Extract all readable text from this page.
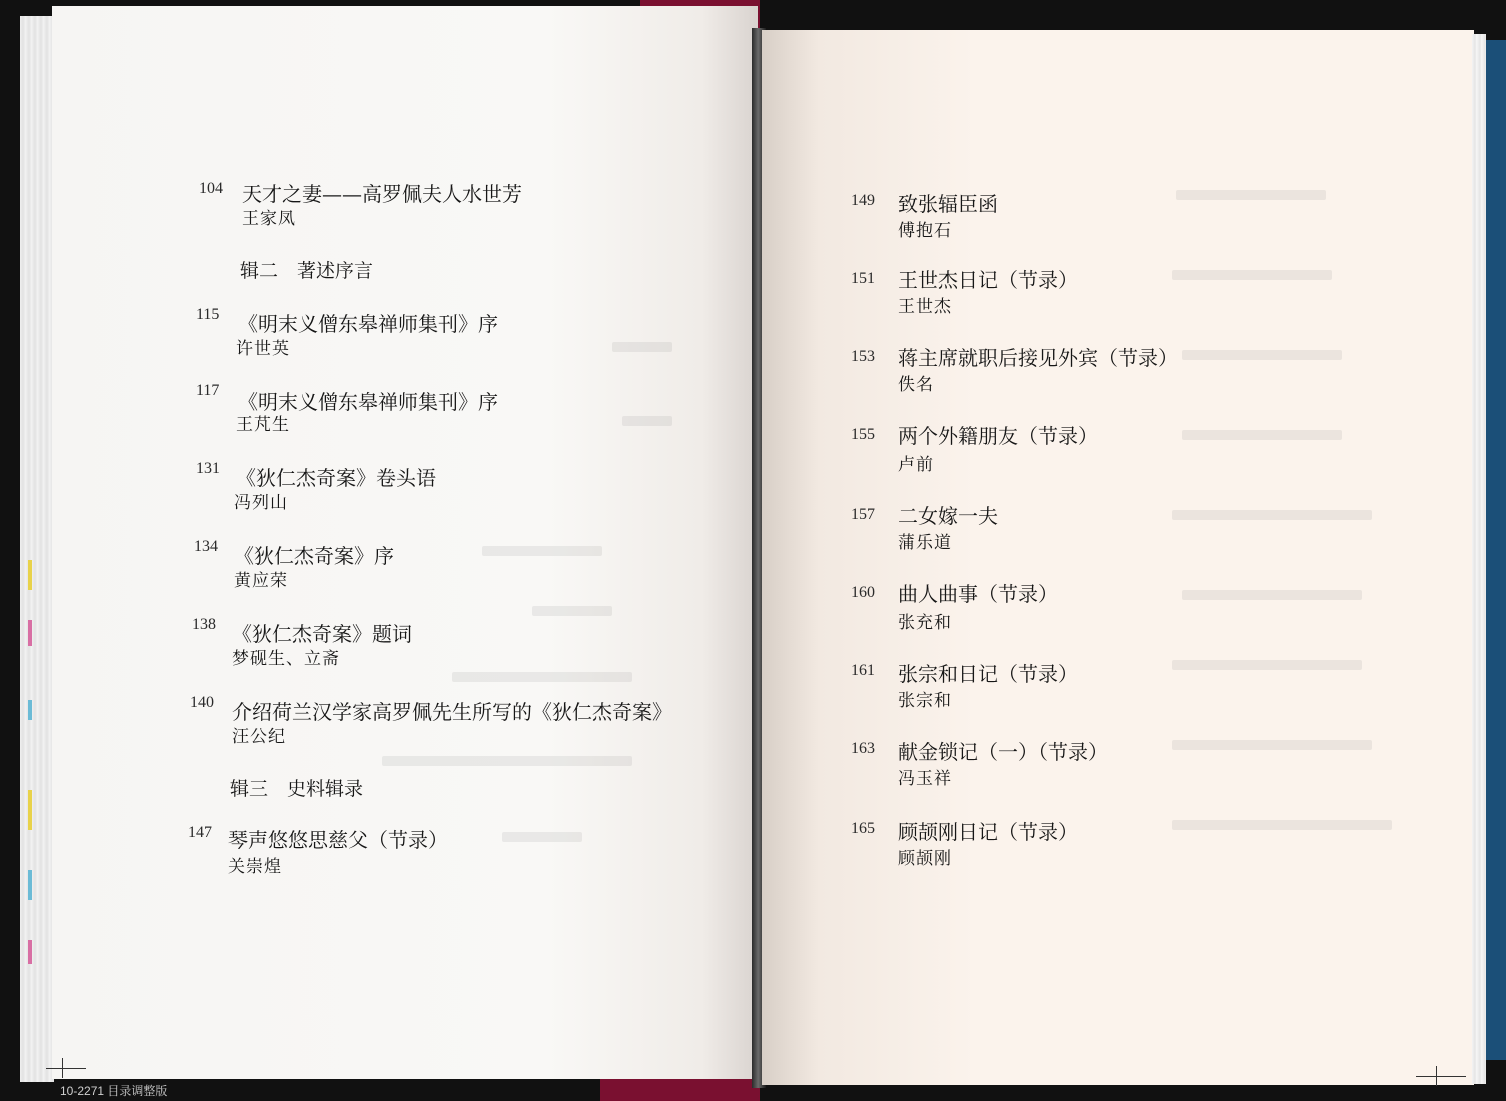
104 天才之妻——高罗佩夫人水世芳
王家凤
辑二　著述序言
115 《明末义僧东皋禅师集刊》序
许世英
117 《明末义僧东皋禅师集刊》序
王芃生
131 《狄仁杰奇案》卷头语
冯列山
134 《狄仁杰奇案》序
黄应荣
138 《狄仁杰奇案》题词
梦砚生、立斋
140 介绍荷兰汉学家高罗佩先生所写的《狄仁杰奇案》
汪公纪
辑三　史料辑录
147 琴声悠悠思慈父（节录）
关崇煌
149 致张辐臣函
傅抱石
151 王世杰日记（节录）
王世杰
153 蒋主席就职后接见外宾（节录）
佚名
155 两个外籍朋友（节录）
卢前
157 二女嫁一夫
蒲乐道
160 曲人曲事（节录）
张充和
161 张宗和日记（节录）
张宗和
163 献金锁记（一）（节录）
冯玉祥
165 顾颉刚日记（节录）
顾颉刚
10-2271 目录调整版
